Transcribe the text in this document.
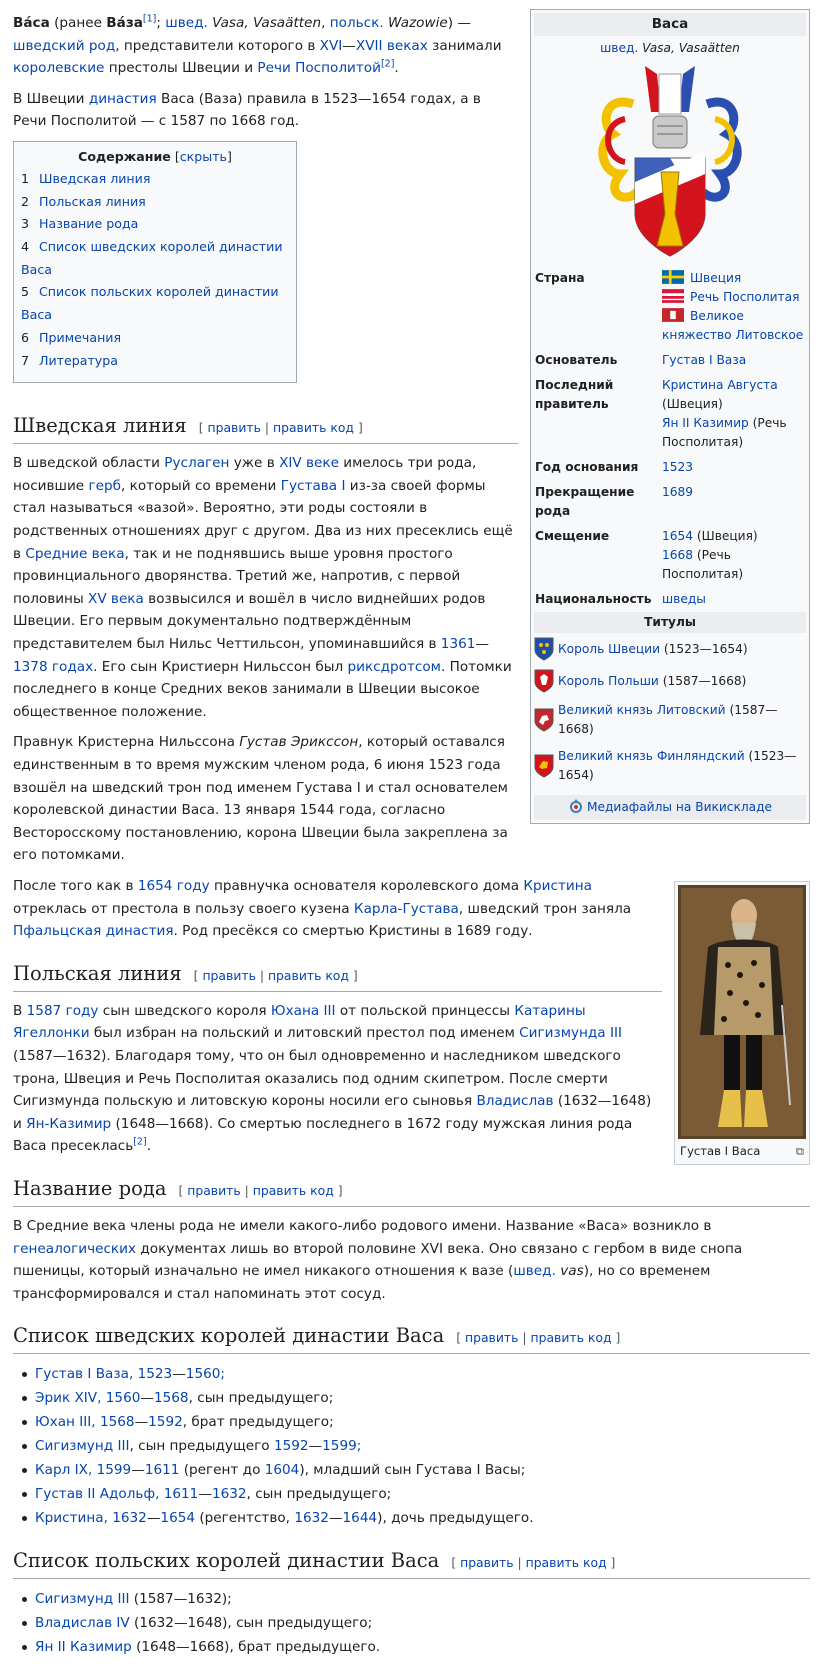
Васа
швед. Vasa, Vasaätten
Страна	Швеция
Речь Посполитая
Великое княжество Литовское

Основатель	Густав I Ваза
Последний правитель	Кристина Августа (Швеция)
Ян II Казимир (Речь Посполитая)
Год основания	1523
Прекращение рода	1689
Смещение	1654 (Швеция)
1668 (Речь Посполитая)
Национальность	шведы
Титулы
Король Швеции (1523—1654)
Король Польши (1587—1668)
Великий князь Литовский (1587—1668)
Великий князь Финляндский (1523—1654)
Медиафайлы на Викискладе

Ва́са (ранее Ва́за[1]; швед. Vasa, Vasaätten, польск. Wazowie) — шведский род, представители которого в XVI—XVII веках занимали королевские престолы Швеции и Речи Посполитой[2].

В Швеции династия Васа (Ваза) правила в 1523—1654 годах, а в Речи Посполитой — с 1587 по 1668 год.

Содержание [скрыть]
1 Шведская линия
2 Польская линия
3 Название рода
4 Список шведских королей династии Васа
5 Список польских королей династии Васа
6 Примечания
7 Литература
Шведская линия [ править | править код ]

В шведской области Руслаген уже в XIV веке имелось три рода, носившие герб, который со времени Густава I из-за своей формы стал называться «вазой». Вероятно, эти роды состояли в родственных отношениях друг с другом. Два из них пресеклись ещё в Средние века, так и не поднявшись выше уровня простого провинциального дворянства. Третий же, напротив, с первой половины XV века возвысился и вошёл в число виднейших родов Швеции. Его первым документально подтверждённым представителем был Нильс Четтильсон, упоминавшийся в 1361—1378 годах. Его сын Кристиерн Нильссон был риксдротсом. Потомки последнего в конце Средних веков занимали в Швеции высокое общественное положение.

Правнук Кристерна Нильссона Густав Эрикссон, который оставался единственным в то время мужским членом рода, 6 июня 1523 года взошёл на шведский трон под именем Густава I и стал основателем королевской династии Васа. 13 января 1544 года, согласно Весторосскому постановлению, корона Швеции была закреплена за его потомками.

Густав I Васа	⧉

После того как в 1654 году правнучка основателя королевского дома Кристина отреклась от престола в пользу своего кузена Карла-Густава, шведский трон заняла Пфальцская династия. Род пресёкся со смертью Кристины в 1689 году.

Польская линия [ править | править код ]

В 1587 году сын шведского короля Юхана III от польской принцессы Катарины Ягеллонки был избран на польский и литовский престол под именем Сигизмунда III (1587—1632). Благодаря тому, что он был одновременно и наследником шведского трона, Швеция и Речь Посполитая оказались под одним скипетром. После смерти Сигизмунда польскую и литовскую короны носили его сыновья Владислав (1632—1648) и Ян-Казимир (1648—1668). Со смертью последнего в 1672 году мужская линия рода Васа пресеклась[2].

Название рода [ править | править код ]

В Средние века члены рода не имели какого-либо родового имени. Название «Васа» возникло в генеалогических документах лишь во второй половине XVI века. Оно связано с гербом в виде снопа пшеницы, который изначально не имел никакого отношения к вазе (швед. vas), но со временем трансформировался и стал напоминать этот сосуд.

Список шведских королей династии Васа [ править | править код ]
Густав I Ваза, 1523—1560;
Эрик XIV, 1560—1568, сын предыдущего;
Юхан III, 1568—1592, брат предыдущего;
Сигизмунд III, сын предыдущего 1592—1599;
Карл IX, 1599—1611 (регент до 1604), младший сын Густава I Васы;
Густав II Адольф, 1611—1632, сын предыдущего;
Кристина, 1632—1654 (регентство, 1632—1644), дочь предыдущего.
Список польских королей династии Васа [ править | править код ]
Сигизмунд III (1587—1632);
Владислав IV (1632—1648), сын предыдущего;
Ян II Казимир (1648—1668), брат предыдущего.
